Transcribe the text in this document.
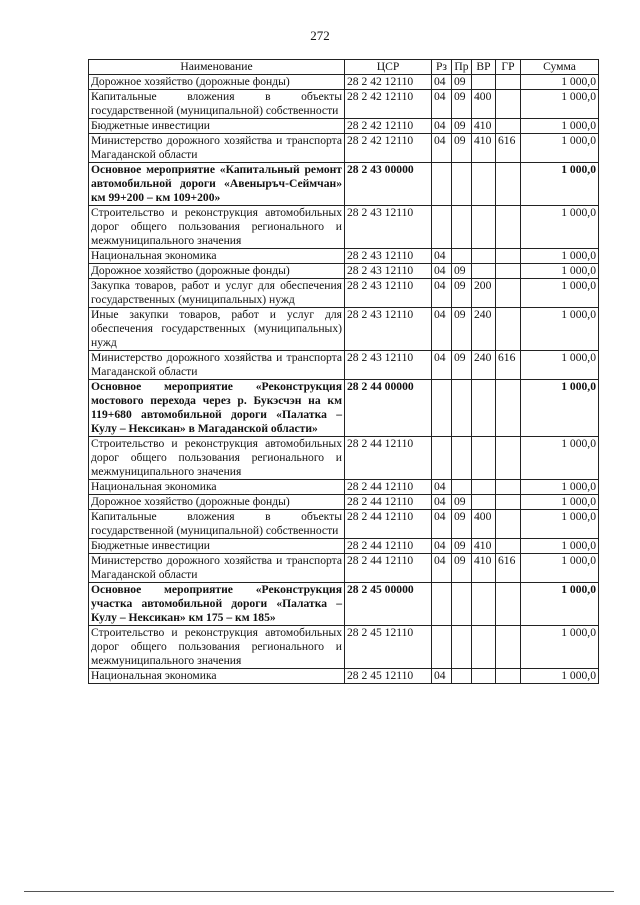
272
Наименование	ЦСР	Рз	Пр	ВР	ГР	Сумма
Дорожное хозяйство (дорожные фонды)	28 2 42 12110	04	09			1 000,0
Капитальные вложения в объекты государственной (муниципальной) собственности	28 2 42 12110	04	09	400		1 000,0
Бюджетные инвестиции	28 2 42 12110	04	09	410		1 000,0
Министерство дорожного хозяйства и транспорта Магаданской области	28 2 42 12110	04	09	410	616	1 000,0
Основное мероприятие «Капитальный ремонт автомобильной дороги «Авеныръч-Сеймчан» км 99+200 – км 109+200»	28 2 43 00000					1 000,0
Строительство и реконструкция автомобильных дорог общего пользования регионального и межмуниципального значения	28 2 43 12110					1 000,0
Национальная экономика	28 2 43 12110	04				1 000,0
Дорожное хозяйство (дорожные фонды)	28 2 43 12110	04	09			1 000,0
Закупка товаров, работ и услуг для обеспечения государственных (муниципальных) нужд	28 2 43 12110	04	09	200		1 000,0
Иные закупки товаров, работ и услуг для обеспечения государственных (муниципальных) нужд	28 2 43 12110	04	09	240		1 000,0
Министерство дорожного хозяйства и транспорта Магаданской области	28 2 43 12110	04	09	240	616	1 000,0
Основное мероприятие «Реконструкция мостового перехода через р. Букэсчэн на км 119+680 автомобильной дороги «Палатка – Кулу – Нексикан» в Магаданской области»	28 2 44 00000					1 000,0
Строительство и реконструкция автомобильных дорог общего пользования регионального и межмуниципального значения	28 2 44 12110					1 000,0
Национальная экономика	28 2 44 12110	04				1 000,0
Дорожное хозяйство (дорожные фонды)	28 2 44 12110	04	09			1 000,0
Капитальные вложения в объекты государственной (муниципальной) собственности	28 2 44 12110	04	09	400		1 000,0
Бюджетные инвестиции	28 2 44 12110	04	09	410		1 000,0
Министерство дорожного хозяйства и транспорта Магаданской области	28 2 44 12110	04	09	410	616	1 000,0
Основное мероприятие «Реконструкция участка автомобильной дороги «Палатка – Кулу – Нексикан» км 175 – км 185»	28 2 45 00000					1 000,0
Строительство и реконструкция автомобильных дорог общего пользования регионального и межмуниципального значения	28 2 45 12110					1 000,0
Национальная экономика	28 2 45 12110	04				1 000,0
